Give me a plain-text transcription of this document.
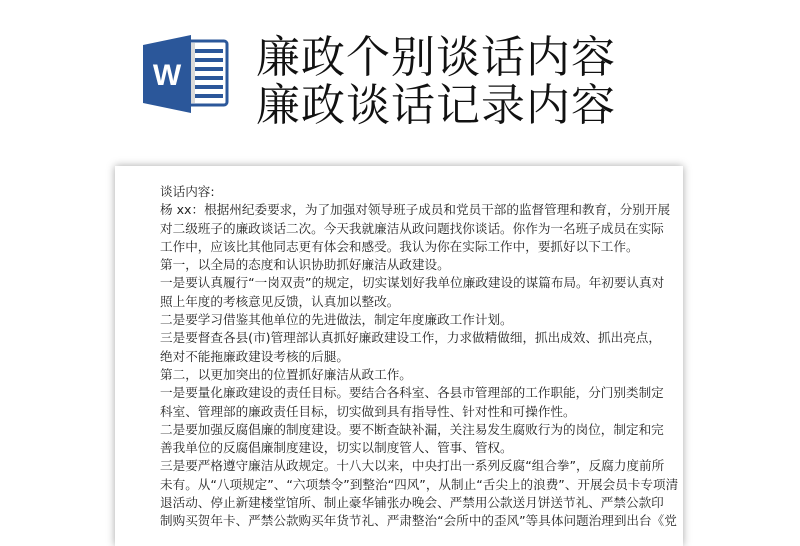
W 廉政个别谈话内容
廉政谈话记录内容
谈话内容:
杨 xx：根据州纪委要求，为了加强对领导班子成员和党员干部的监督管理和教育，分别开展
对二级班子的廉政谈话二次。今天我就廉洁从政问题找你谈话。你作为一名班子成员在实际
工作中，应该比其他同志更有体会和感受。我认为你在实际工作中，要抓好以下工作。
第一，以全局的态度和认识协助抓好廉洁从政建设。
一是要认真履行“一岗双责”的规定，切实谋划好我单位廉政建设的谋篇布局。年初要认真对
照上年度的考核意见反馈，认真加以整改。
二是要学习借鉴其他单位的先进做法，制定年度廉政工作计划。
三是要督查各县(市)管理部认真抓好廉政建设工作，力求做精做细，抓出成效、抓出亮点，
绝对不能拖廉政建设考核的后腿。
第二，以更加突出的位置抓好廉洁从政工作。
一是要量化廉政建设的责任目标。要结合各科室、各县市管理部的工作职能，分门别类制定
科室、管理部的廉政责任目标，切实做到具有指导性、针对性和可操作性。
二是要加强反腐倡廉的制度建设。要不断查缺补漏，关注易发生腐败行为的岗位，制定和完
善我单位的反腐倡廉制度建设，切实以制度管人、管事、管权。
三是要严格遵守廉洁从政规定。十八大以来，中央打出一系列反腐“组合拳”，反腐力度前所
未有。从“八项规定”、“六项禁令”到整治“四风”，从制止“舌尖上的浪费”、开展会员卡专项清
退活动、停止新建楼堂馆所、制止豪华铺张办晚会、严禁用公款送月饼送节礼、严禁公款印
制购买贺年卡、严禁公款购买年货节礼、严肃整治“会所中的歪风”等具体问题治理到出台《党
